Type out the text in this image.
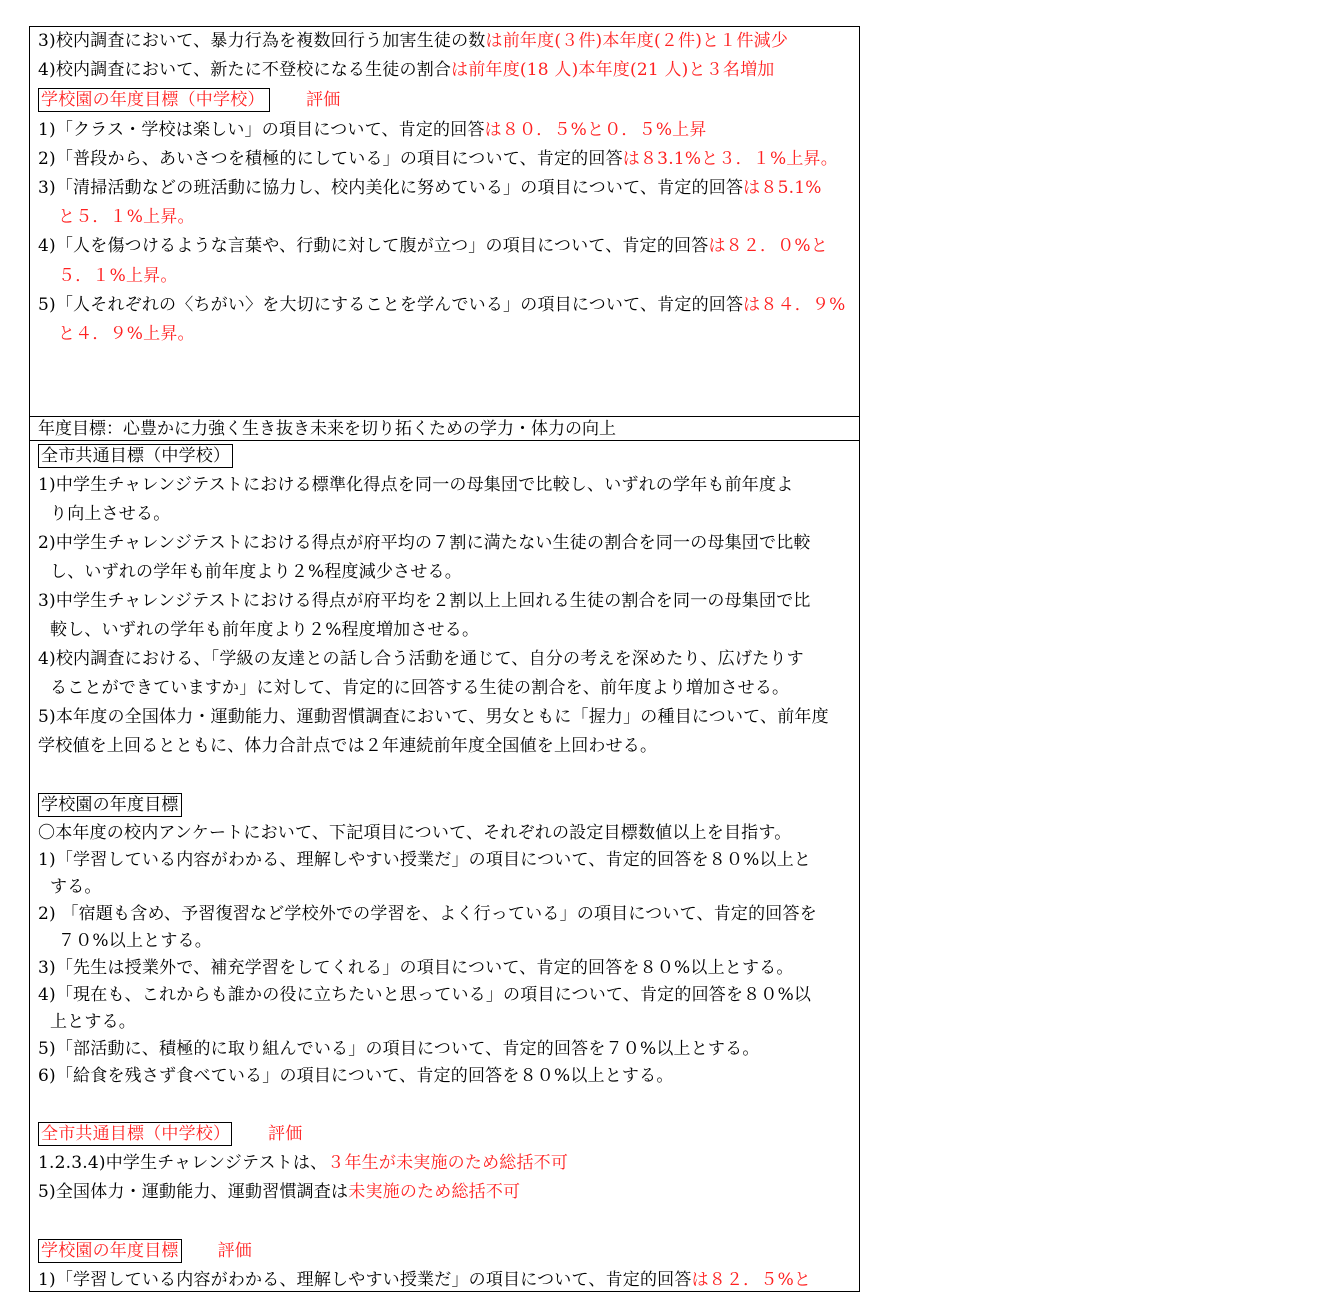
3)校内調査において、暴力行為を複数回行う加害生徒の数は前年度(３件)本年度(２件)と１件減少
4)校内調査において、新たに不登校になる生徒の割合は前年度(18 人)本年度(21 人)と３名増加
学校園の年度目標（中学校） 評価
1)「クラス・学校は楽しい」の項目について、肯定的回答は８０．５%と０．５%上昇
2)「普段から、あいさつを積極的にしている」の項目について、肯定的回答は８3.1%と３．１%上昇。
3)「清掃活動などの班活動に協力し、校内美化に努めている」の項目について、肯定的回答は８5.1%
と５．１%上昇。
4)「人を傷つけるような言葉や、行動に対して腹が立つ」の項目について、肯定的回答は８２．０%と
５．１%上昇。
5)「人それぞれの〈ちがい〉を大切にすることを学んでいる」の項目について、肯定的回答は８４．９%
と４．９%上昇。
年度目標：心豊かに力強く生き抜き未来を切り拓くための学力・体力の向上
全市共通目標（中学校）
1)中学生チャレンジテストにおける標準化得点を同一の母集団で比較し、いずれの学年も前年度よ
り向上させる。
2)中学生チャレンジテストにおける得点が府平均の７割に満たない生徒の割合を同一の母集団で比較
し、いずれの学年も前年度より２%程度減少させる。
3)中学生チャレンジテストにおける得点が府平均を２割以上上回れる生徒の割合を同一の母集団で比
較し、いずれの学年も前年度より２%程度増加させる。
4)校内調査における、「学級の友達との話し合う活動を通じて、自分の考えを深めたり、広げたりす
ることができていますか」に対して、肯定的に回答する生徒の割合を、前年度より増加させる。
5)本年度の全国体力・運動能力、運動習慣調査において、男女ともに「握力」の種目について、前年度
学校値を上回るとともに、体力合計点では２年連続前年度全国値を上回わせる。
学校園の年度目標
〇本年度の校内アンケートにおいて、下記項目について、それぞれの設定目標数値以上を目指す。
1)「学習している内容がわかる、理解しやすい授業だ」の項目について、肯定的回答を８０%以上と
する。
2) 「宿題も含め、予習復習など学校外での学習を、よく行っている」の項目について、肯定的回答を
７０%以上とする。
3)「先生は授業外で、補充学習をしてくれる」の項目について、肯定的回答を８０%以上とする。
4)「現在も、これからも誰かの役に立ちたいと思っている」の項目について、肯定的回答を８０%以
上とする。
5)「部活動に、積極的に取り組んでいる」の項目について、肯定的回答を７０%以上とする。
6)「給食を残さず食べている」の項目について、肯定的回答を８０%以上とする。
全市共通目標（中学校） 評価
1.2.3.4)中学生チャレンジテストは、３年生が未実施のため総括不可
5)全国体力・運動能力、運動習慣調査は未実施のため総括不可
学校園の年度目標 評価
1)「学習している内容がわかる、理解しやすい授業だ」の項目について、肯定的回答は８２．５%と
